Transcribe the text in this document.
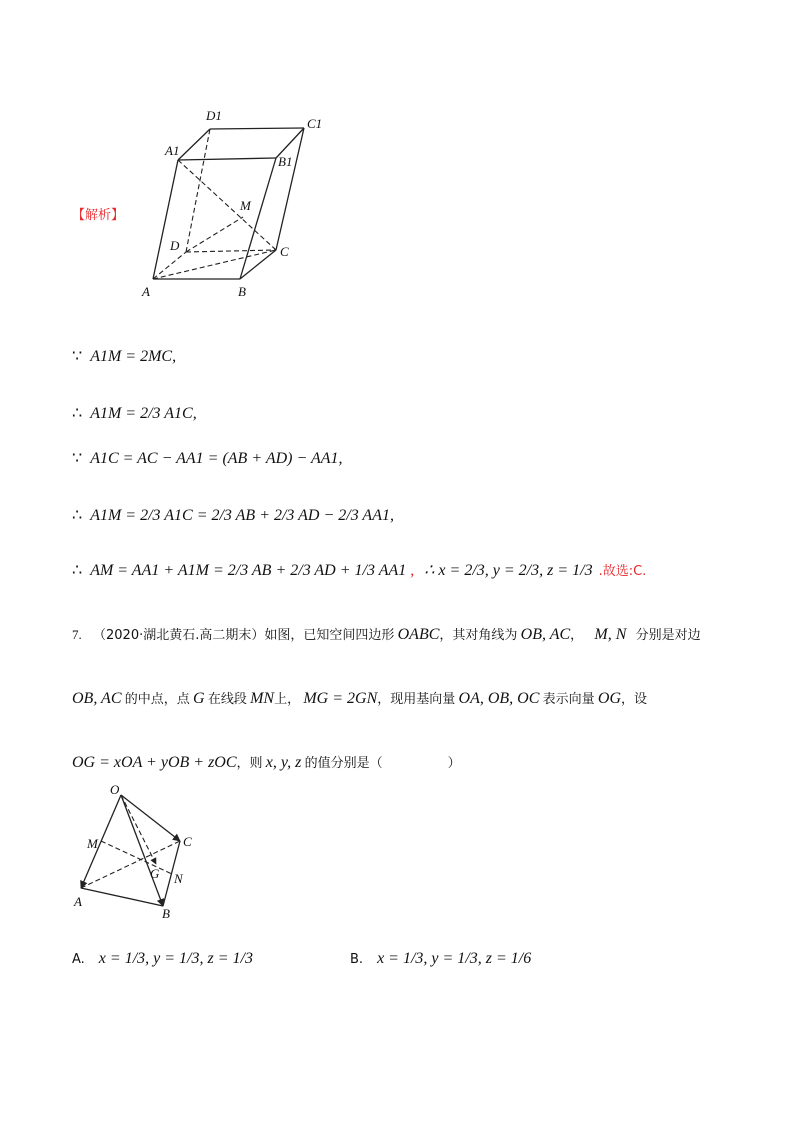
【解析】
D1
C1
A1
B1
M
D	C
A	B
∵ A1M = 2MC,
∴ A1M = 2/3 A1C,
∵ A1C = AC − AA1 = (AB + AD) − AA1,
∴ A1M = 2/3 A1C = 2/3 AB + 2/3 AD − 2/3 AA1,
∴ AM = AA1 + A1M = 2/3 AB + 2/3 AD + 1/3 AA1 , ∴ x = 2/3, y = 2/3, z = 1/3 .故选:C.
7. （2020·湖北黄石.高二期末）如图，已知空间四边形 OABC，其对角线为 OB, AC， M, N 分别是对边
OB, AC 的中点，点 G 在线段 MN上， MG = 2GN，现用基向量 OA, OB, OC 表示向量 OG，设
OG = xOA + yOB + zOC，则 x, y, z 的值分别是（　　　　　）
O
M	C
G N
A
B
A. x = 1/3, y = 1/3, z = 1/3	B. x = 1/3, y = 1/3, z = 1/6
